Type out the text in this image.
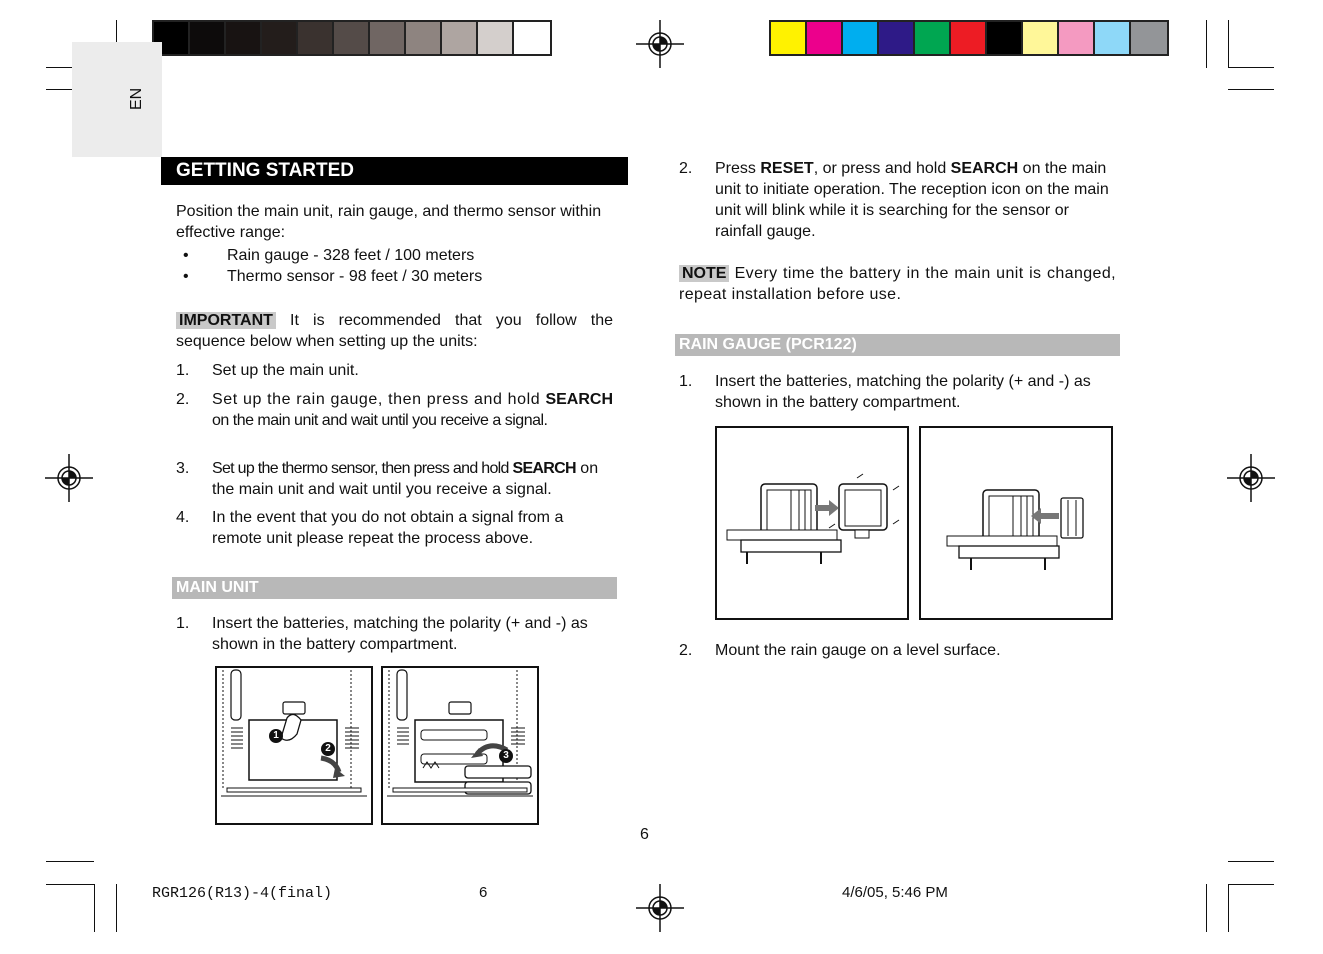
EN
GETTING STARTED
Position the main unit, rain gauge, and thermo sensor within effective range:
• Rain gauge - 328 feet / 100 meters
• Thermo sensor - 98 feet / 30 meters
IMPORTANT It is recommended that you follow the sequence below when setting up the units:
1. Set up the main unit.
2. Set up the rain gauge, then press and hold SEARCH on the main unit and wait until you receive a signal.
3. Set up the thermo sensor, then press and hold SEARCH on the main unit and wait until you receive a signal.
4. In the event that you do not obtain a signal from a remote unit please repeat the process above.
MAIN UNIT
1. Insert the batteries, matching the polarity (+ and -) as shown in the battery compartment.
1
2
3
2. Press RESET, or press and hold SEARCH on the main unit to initiate operation. The reception icon on the main unit will blink while it is searching for the sensor or rainfall gauge.
NOTE Every time the battery in the main unit is changed, repeat installation before use.
RAIN GAUGE (PCR122)
1. Insert the batteries, matching the polarity (+ and -) as shown in the battery compartment.
2. Mount the rain gauge on a level surface.
6
RGR126(R13)-4(final)	6	4/6/05, 5:46 PM
